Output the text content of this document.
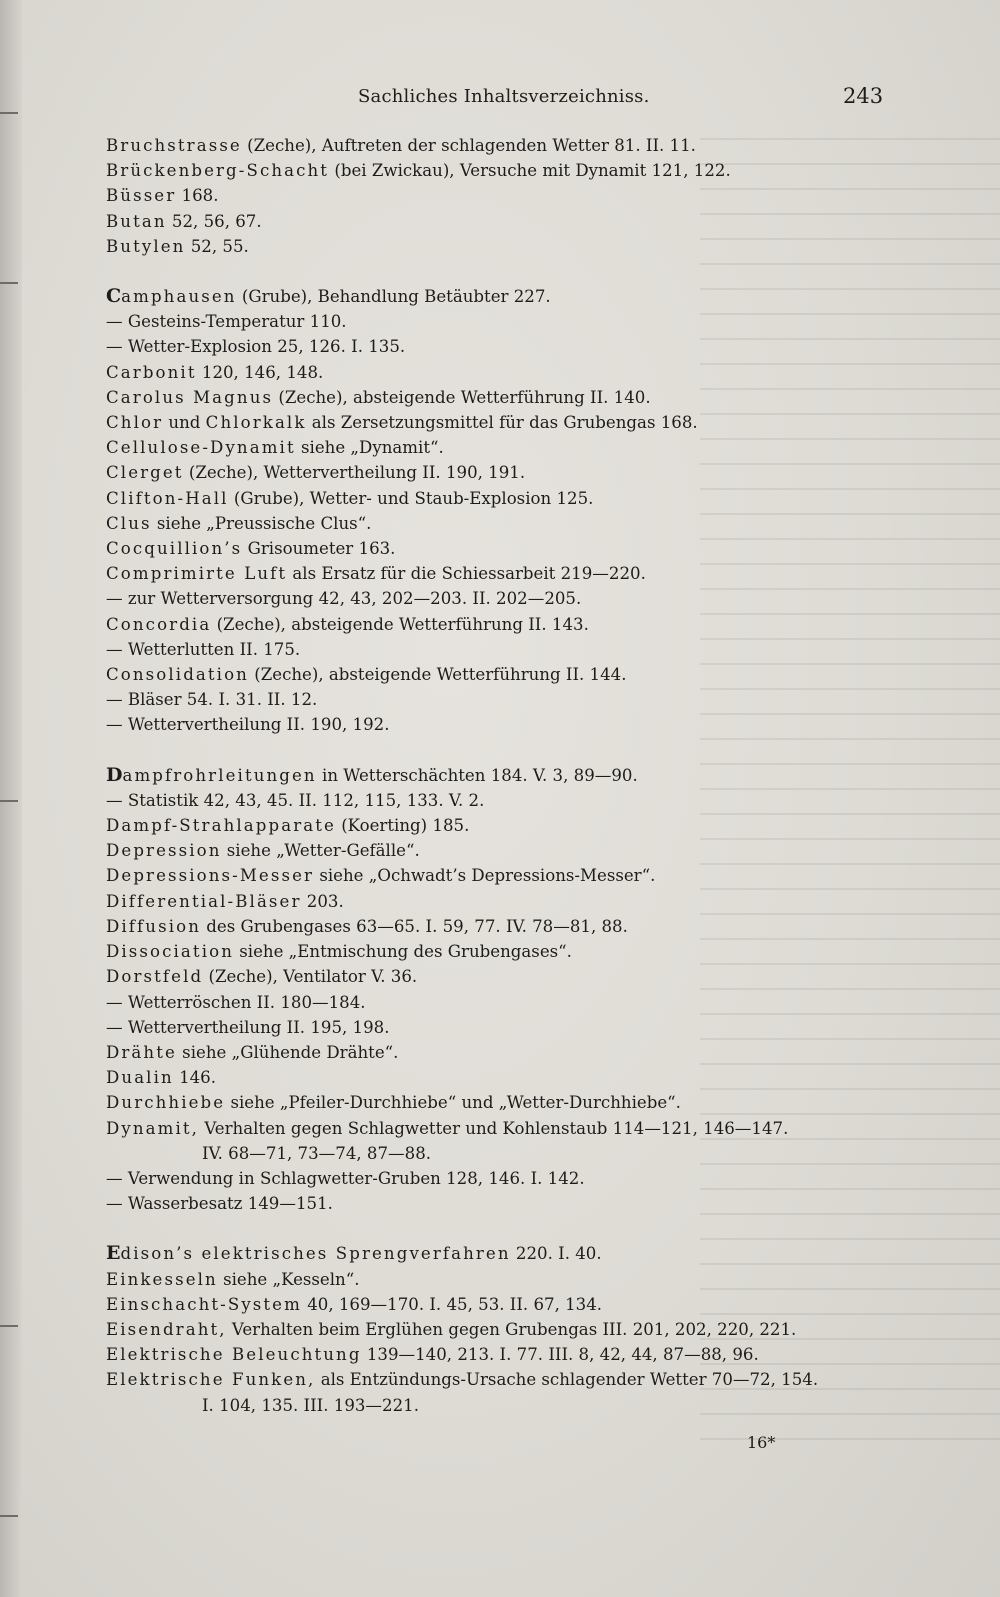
Sachliches Inhaltsverzeichniss.	243
Bruchstrasse (Zeche), Auftreten der schlagenden Wetter 81. II. 11.
Brückenberg-Schacht (bei Zwickau), Versuche mit Dynamit 121, 122.
Büsser 168.
Butan 52, 56, 67.
Butylen 52, 55.
Camphausen (Grube), Behandlung Betäubter 227.
— Gesteins-Temperatur 110.
— Wetter-Explosion 25, 126. I. 135.
Carbonit 120, 146, 148.
Carolus Magnus (Zeche), absteigende Wetterführung II. 140.
Chlor und Chlorkalk als Zersetzungsmittel für das Grubengas 168.
Cellulose-Dynamit siehe „Dynamit“.
Clerget (Zeche), Wettervertheilung II. 190, 191.
Clifton-Hall (Grube), Wetter- und Staub-Explosion 125.
Clus siehe „Preussische Clus“.
Cocquillion’s Grisoumeter 163.
Comprimirte Luft als Ersatz für die Schiessarbeit 219—220.
— zur Wetterversorgung 42, 43, 202—203. II. 202—205.
Concordia (Zeche), absteigende Wetterführung II. 143.
— Wetterlutten II. 175.
Consolidation (Zeche), absteigende Wetterführung II. 144.
— Bläser 54. I. 31. II. 12.
— Wettervertheilung II. 190, 192.
Dampfrohrleitungen in Wetterschächten 184. V. 3, 89—90.
— Statistik 42, 43, 45. II. 112, 115, 133. V. 2.
Dampf-Strahlapparate (Koerting) 185.
Depression siehe „Wetter-Gefälle“.
Depressions-Messer siehe „Ochwadt’s Depressions-Messer“.
Differential-Bläser 203.
Diffusion des Grubengases 63—65. I. 59, 77. IV. 78—81, 88.
Dissociation siehe „Entmischung des Grubengases“.
Dorstfeld (Zeche), Ventilator V. 36.
— Wetterröschen II. 180—184.
— Wettervertheilung II. 195, 198.
Drähte siehe „Glühende Drähte“.
Dualin 146.
Durchhiebe siehe „Pfeiler-Durchhiebe“ und „Wetter-Durchhiebe“.
Dynamit, Verhalten gegen Schlagwetter und Kohlenstaub 114—121, 146—147.
IV. 68—71, 73—74, 87—88.
— Verwendung in Schlagwetter-Gruben 128, 146. I. 142.
— Wasserbesatz 149—151.
Edison’s elektrisches Sprengverfahren 220. I. 40.
Einkesseln siehe „Kesseln“.
Einschacht-System 40, 169—170. I. 45, 53. II. 67, 134.
Eisendraht, Verhalten beim Erglühen gegen Grubengas III. 201, 202, 220, 221.
Elektrische Beleuchtung 139—140, 213. I. 77. III. 8, 42, 44, 87—88, 96.
Elektrische Funken, als Entzündungs-Ursache schlagender Wetter 70—72, 154.
I. 104, 135. III. 193—221.
16*
